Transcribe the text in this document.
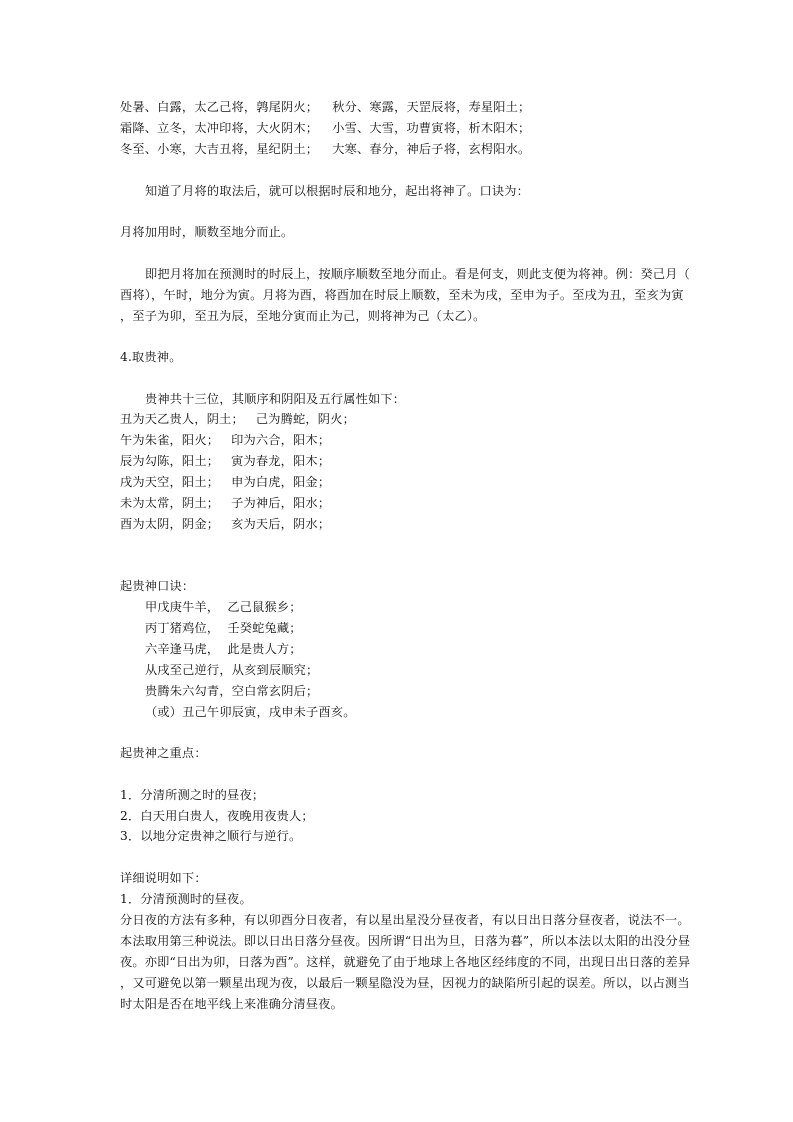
处暑、白露，太乙己将，鹑尾阴火； 秋分、寒露，天罡辰将，寿星阳土；
霜降、立冬，太冲印将，大火阴木； 小雪、大雪，功曹寅将，析木阳木；
冬至、小寒，大吉丑将，星纪阴土； 大寒、春分，神后子将，玄枵阳水。
知道了月将的取法后，就可以根据时辰和地分，起出将神了。口诀为：
月将加用时，顺数至地分而止。
即把月将加在预测时的时辰上，按顺序顺数至地分而止。看是何支，则此支便为将神。例：癸己月（
酉将），午时，地分为寅。月将为酉，将酉加在时辰上顺数，至未为戌，至申为子。至戌为丑，至亥为寅
，至子为卯，至丑为辰，至地分寅而止为己，则将神为己（太乙）。
4.取贵神。
贵神共十三位，其顺序和阴阳及五行属性如下：
丑为天乙贵人，阴土； 己为腾蛇，阴火；
午为朱雀，阳火； 印为六合，阳木；
辰为勾陈，阳土； 寅为春龙，阳木；
戌为天空，阳土； 申为白虎，阳金；
未为太常，阴土； 子为神后，阳水；
酉为太阴，阴金； 亥为天后，阴水；
起贵神口诀：
甲戊庚牛羊， 乙己鼠猴乡；
丙丁猪鸡位， 壬癸蛇兔藏；
六辛逢马虎， 此是贵人方；
从戌至己逆行，从亥到辰顺究；
贵腾朱六勾青，空白常玄阴后；
（或）丑己午卯辰寅，戌申未子酉亥。
起贵神之重点：
1．分清所测之时的昼夜；
2．白天用白贵人，夜晚用夜贵人；
3．以地分定贵神之顺行与逆行。
详细说明如下：
1．分清预测时的昼夜。
分日夜的方法有多种，有以卯酉分日夜者，有以星出星没分昼夜者，有以日出日落分昼夜者，说法不一。
本法取用第三种说法。即以日出日落分昼夜。因所谓“日出为旦，日落为暮”，所以本法以太阳的出没分昼
夜。亦即“日出为卯，日落为酉”。这样，就避免了由于地球上各地区经纬度的不同，出现日出日落的差异
，又可避免以第一颗星出现为夜，以最后一颗星隐没为昼，因视力的缺陷所引起的误差。所以，以占测当
时太阳是否在地平线上来准确分清昼夜。
